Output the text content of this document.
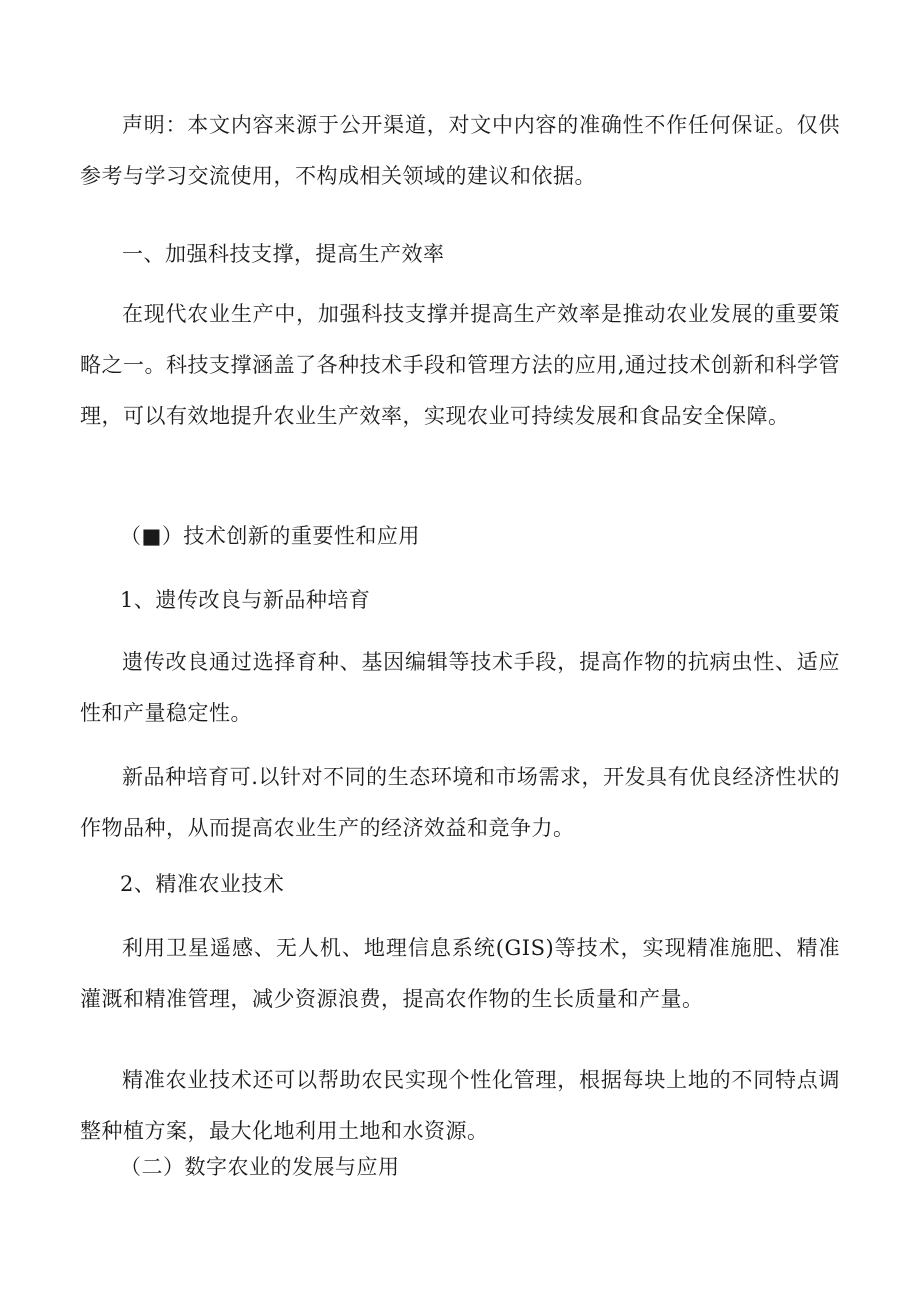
声明：本文内容来源于公开渠道，对文中内容的准确性不作任何保证。仅供参考与学习交流使用，不构成相关领域的建议和依据。

一、加强科技支撑，提高生产效率

在现代农业生产中，加强科技支撑并提高生产效率是推动农业发展的重要策略之一。科技支撑涵盖了各种技术手段和管理方法的应用,通过技术创新和科学管理，可以有效地提升农业生产效率，实现农业可持续发展和食品安全保障。

（■）技术创新的重要性和应用

1、遗传改良与新品种培育

遗传改良通过选择育种、基因编辑等技术手段，提高作物的抗病虫性、适应性和产量稳定性。

新品种培育可.以针对不同的生态环境和市场需求，开发具有优良经济性状的作物品种，从而提高农业生产的经济效益和竞争力。

2、精准农业技术

利用卫星遥感、无人机、地理信息系统(GIS)等技术，实现精准施肥、精准灌溉和精准管理，减少资源浪费，提高农作物的生长质量和产量。

精准农业技术还可以帮助农民实现个性化管理，根据每块上地的不同特点调整种植方案，最大化地利用土地和水资源。

（二）数字农业的发展与应用
